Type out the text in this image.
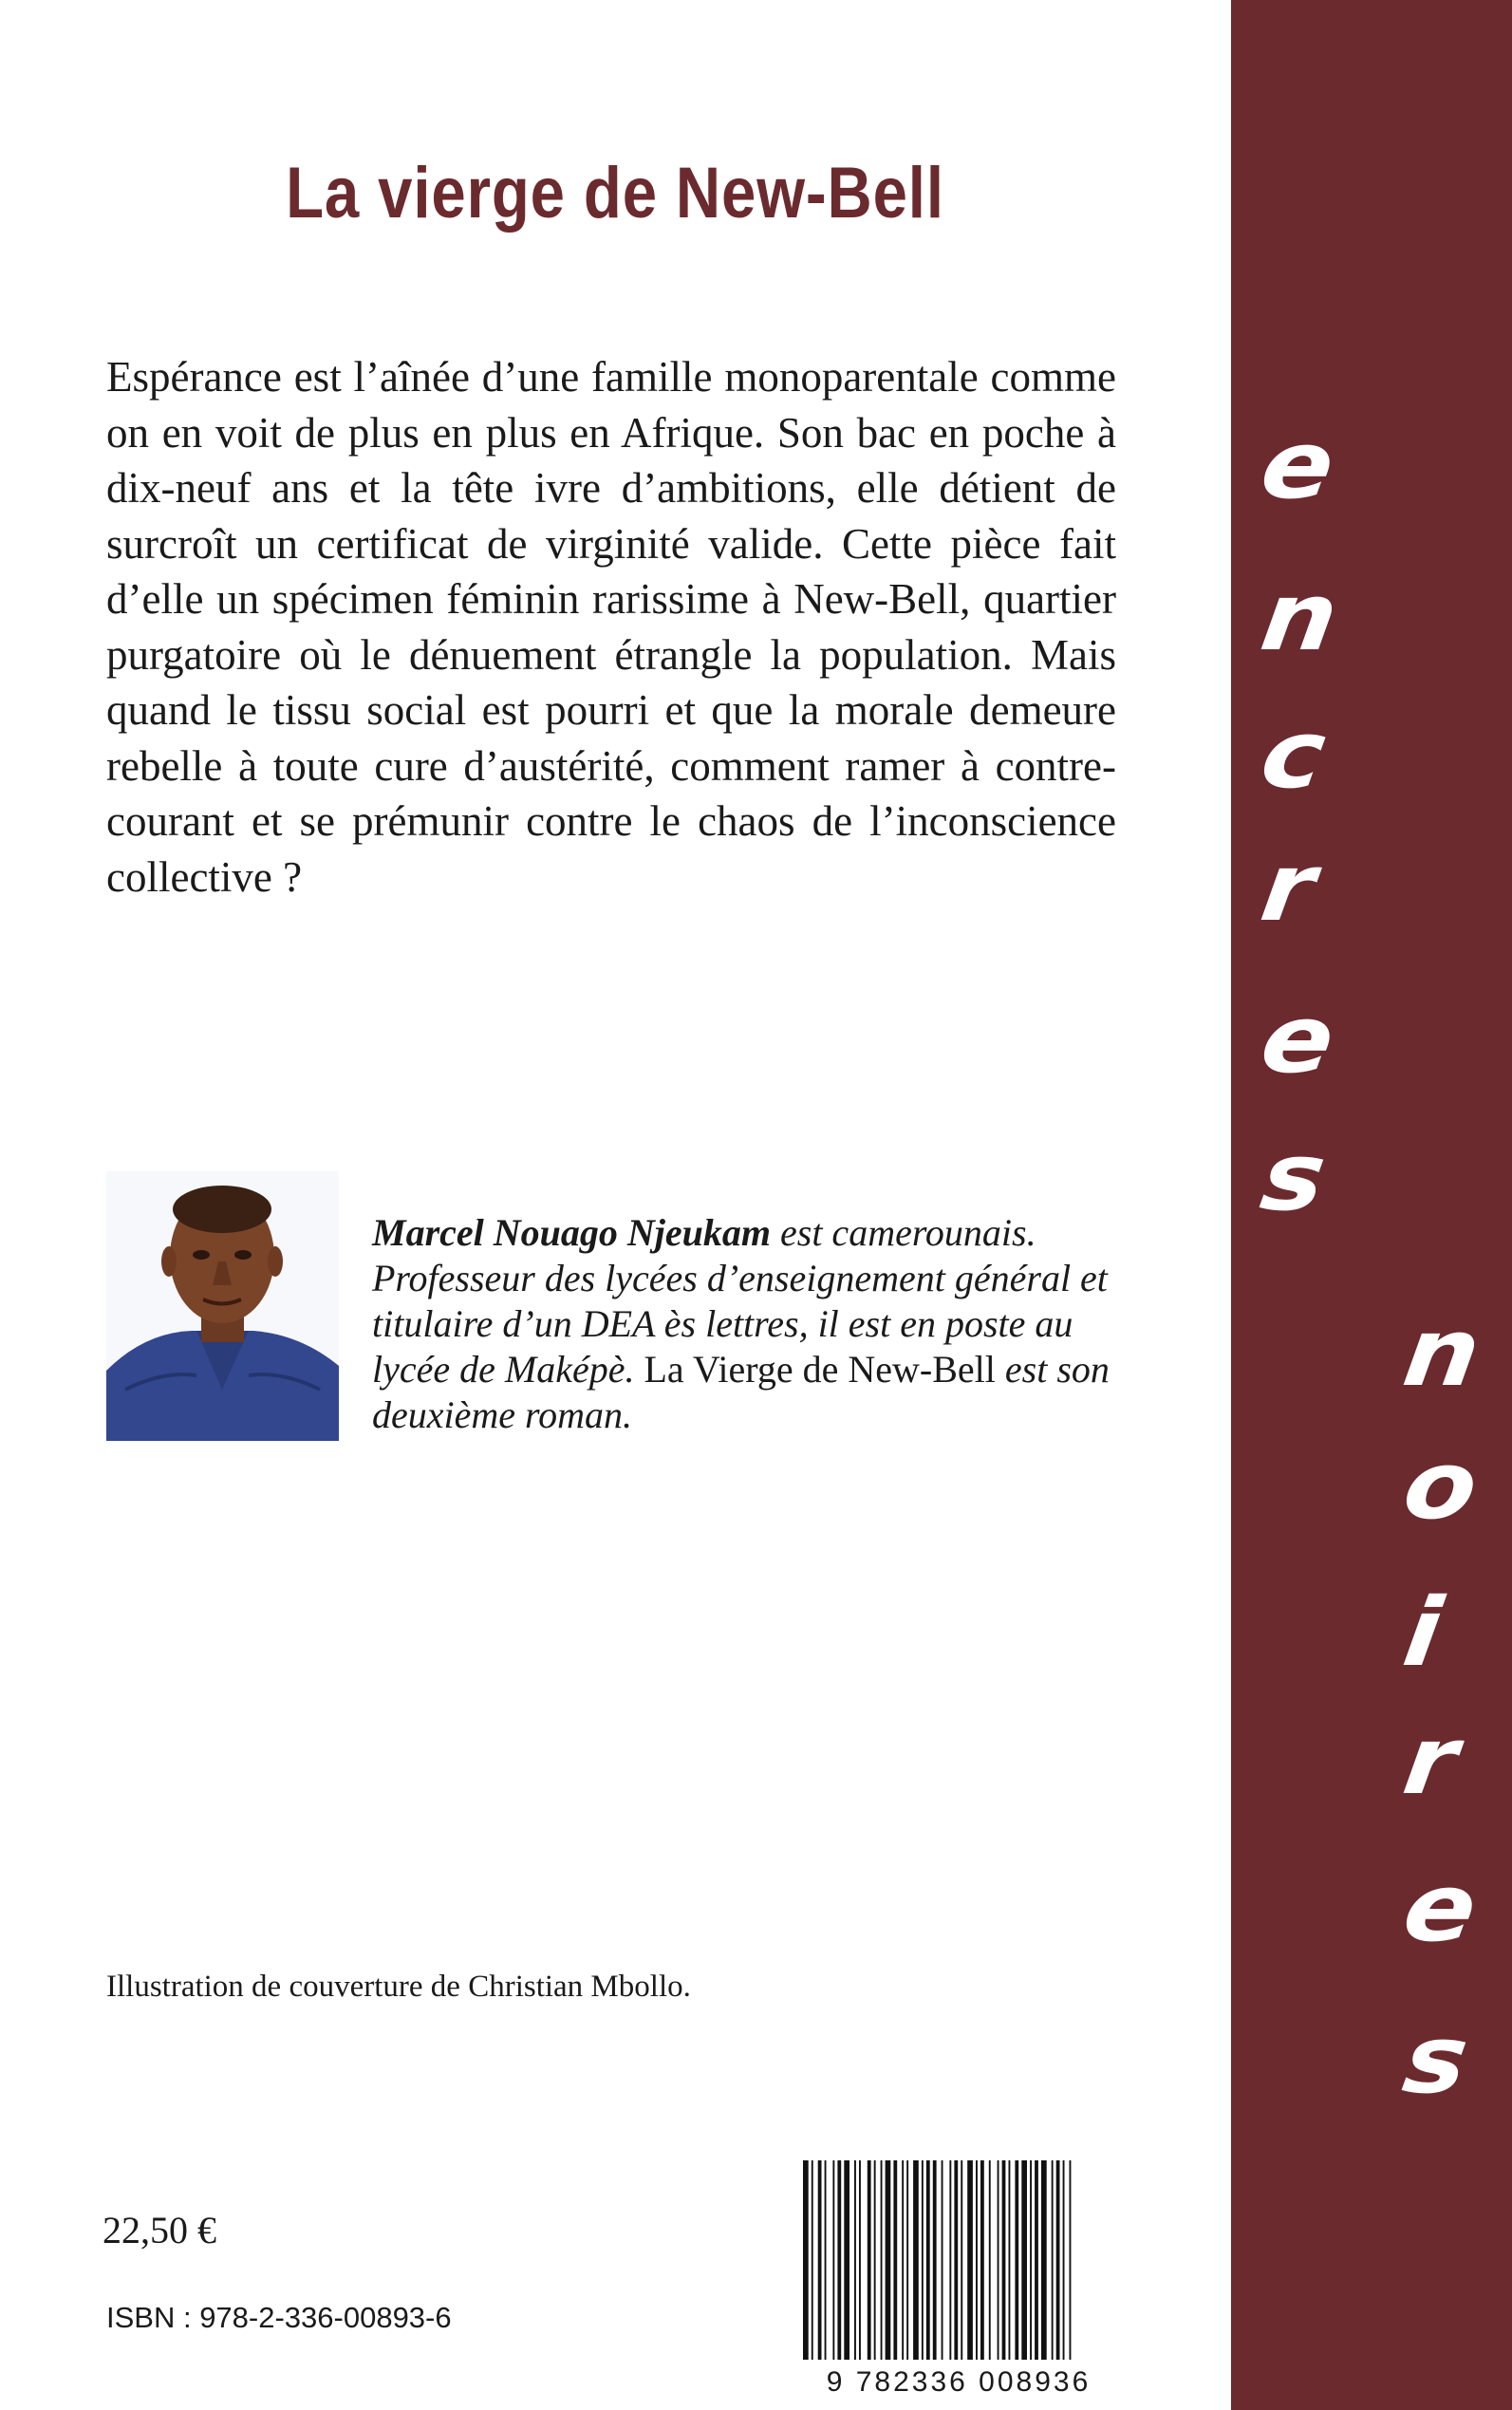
La vierge de New-Bell

Espérance est l’aînée d’une famille monoparentale comme on en voit de plus en plus en Afrique. Son bac en poche à dix-neuf ans et la tête ivre d’ambitions, elle détient de surcroît un certificat de virginité valide. Cette pièce fait d’elle un spécimen féminin rarissime à New-Bell, quartier purgatoire où le dénuement étrangle la population. Mais quand le tissu social est pourri et que la morale demeure rebelle à toute cure d’austérité, comment ramer à contre-courant et se prémunir contre le chaos de l’inconscience collective ?

Marcel Nouago Njeukam est camerounais. Professeur des lycées d’enseignement général et titulaire d’un DEA ès lettres, il est en poste au lycée de Maképè. La Vierge de New-Bell est son deuxième roman.

Illustration de couverture de Christian Mbollo.

22,50 €

ISBN : 978-2-336-00893-6

9 782336 008936

e
n
c
r
e
s
n
o
i
r
e
s
